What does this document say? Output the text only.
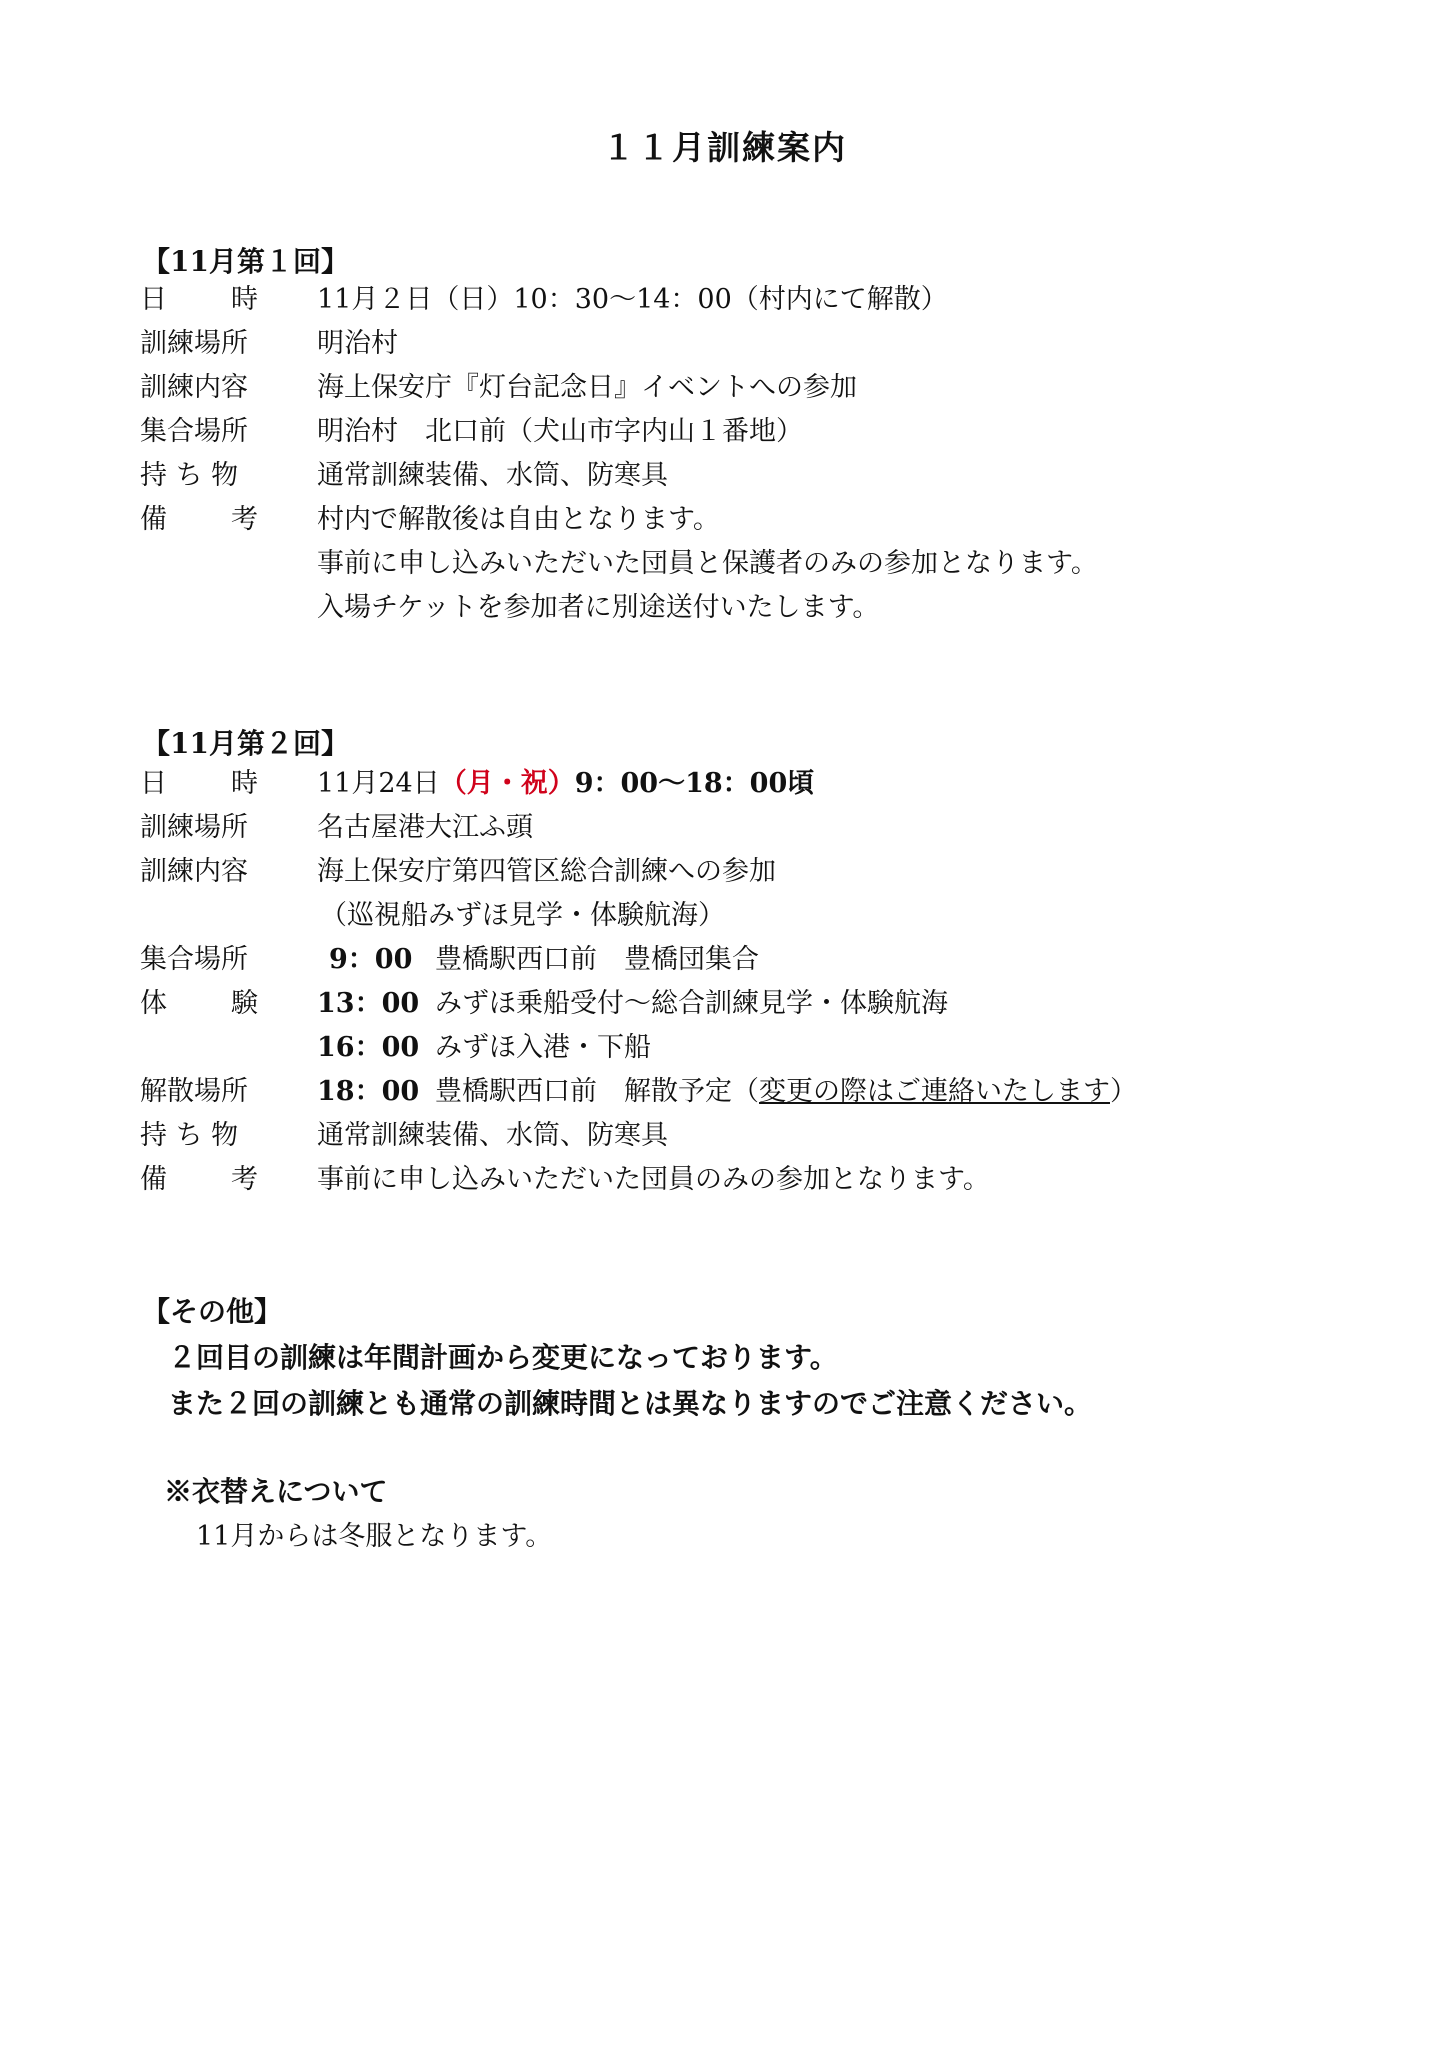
１１月訓練案内
【11月第１回】
日 時 11月２日（日）10：30～14：00（村内にて解散）
訓練場所	明治村
訓練内容	海上保安庁『灯台記念日』イベントへの参加
集合場所	明治村　北口前（犬山市字内山１番地）
持 ち 物	通常訓練装備、水筒、防寒具
備 考 村内で解散後は自由となります。
事前に申し込みいただいた団員と保護者のみの参加となります。
入場チケットを参加者に別途送付いたします。
【11月第２回】
日 時 11月24日（月・祝）9：00～18：00頃
訓練場所	名古屋港大江ふ頭
訓練内容	海上保安庁第四管区総合訓練への参加
（巡視船みずほ見学・体験航海）
集合場所	9：00 豊橋駅西口前　豊橋団集合
体 験 13：00 みずほ乗船受付～総合訓練見学・体験航海
16：00 みずほ入港・下船
解散場所	18：00 豊橋駅西口前　解散予定（変更の際はご連絡いたします）
持 ち 物	通常訓練装備、水筒、防寒具
備 考 事前に申し込みいただいた団員のみの参加となります。
【その他】
２回目の訓練は年間計画から変更になっております。
また２回の訓練とも通常の訓練時間とは異なりますのでご注意ください。
※衣替えについて
11月からは冬服となります。
